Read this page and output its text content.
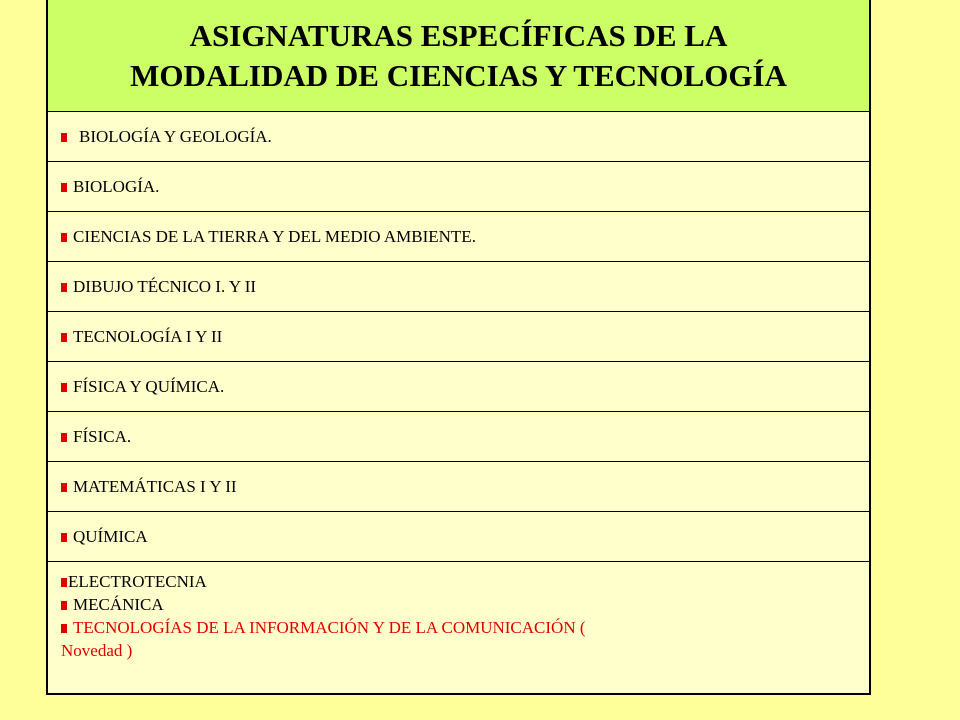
ASIGNATURAS ESPECÍFICAS DE LA
MODALIDAD DE CIENCIAS Y TECNOLOGÍA
BIOLOGÍA Y GEOLOGÍA.
BIOLOGÍA.
CIENCIAS DE LA TIERRA Y DEL MEDIO AMBIENTE.
DIBUJO TÉCNICO I. Y II
TECNOLOGÍA I Y II
FÍSICA Y QUÍMICA.
FÍSICA.
MATEMÁTICAS I Y II
QUÍMICA
ELECTROTECNIA
MECÁNICA
TECNOLOGÍAS DE LA INFORMACIÓN Y DE LA COMUNICACIÓN (
Novedad )
